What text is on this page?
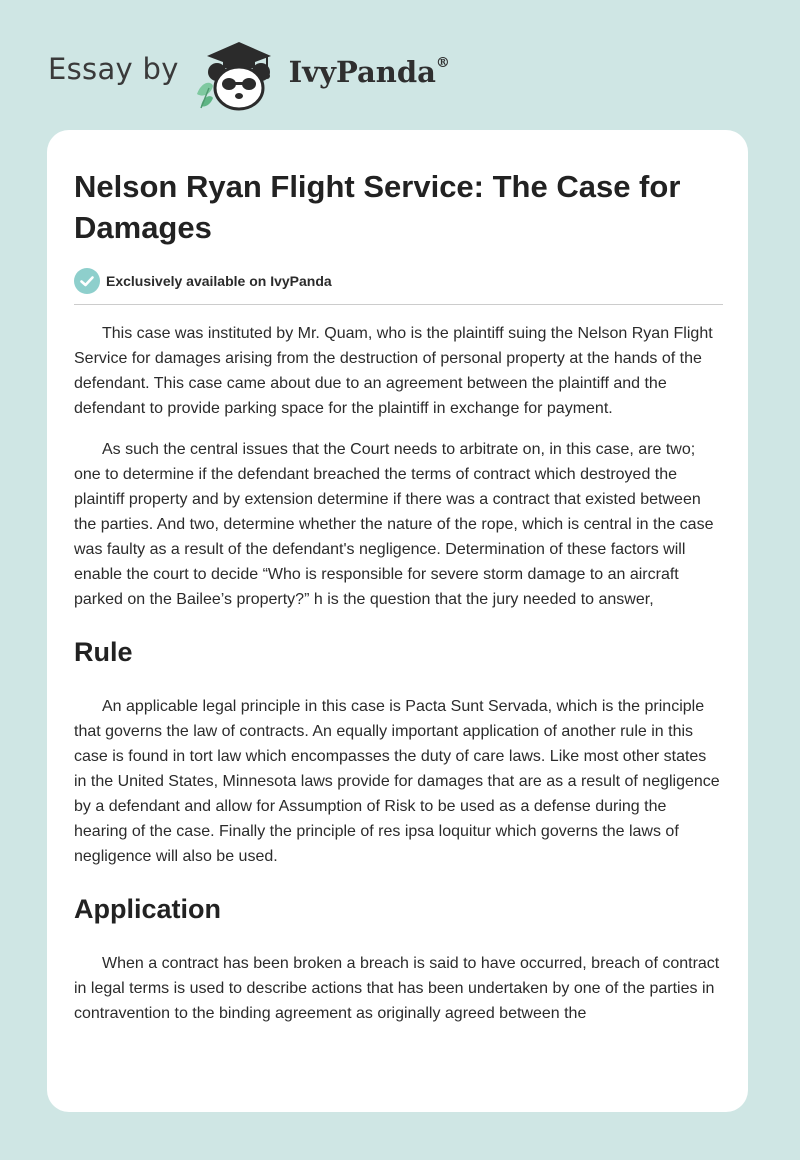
Essay by	IvyPanda®
Nelson Ryan Flight Service: The Case for Damages
Exclusively available on IvyPanda

This case was instituted by Mr. Quam, who is the plaintiff suing the Nelson Ryan Flight Service for damages arising from the destruction of personal property at the hands of the defendant. This case came about due to an agreement between the plaintiff and the defendant to provide parking space for the plaintiff in exchange for payment.

As such the central issues that the Court needs to arbitrate on, in this case, are two; one to determine if the defendant breached the terms of contract which destroyed the plaintiff property and by extension determine if there was a contract that existed between the parties. And two, determine whether the nature of the rope, which is central in the case was faulty as a result of the defendant's negligence. Determination of these factors will enable the court to decide “Who is responsible for severe storm damage to an aircraft parked on the Bailee’s property?” h is the question that the jury needed to answer,

Rule

An applicable legal principle in this case is Pacta Sunt Servada, which is the principle that governs the law of contracts. An equally important application of another rule in this case is found in tort law which encompasses the duty of care laws. Like most other states in the United States, Minnesota laws provide for damages that are as a result of negligence by a defendant and allow for Assumption of Risk to be used as a defense during the hearing of the case. Finally the principle of res ipsa loquitur which governs the laws of negligence will also be used.

Application

When a contract has been broken a breach is said to have occurred, breach of contract in legal terms is used to describe actions that has been undertaken by one of the parties in contravention to the binding agreement as originally agreed between the
